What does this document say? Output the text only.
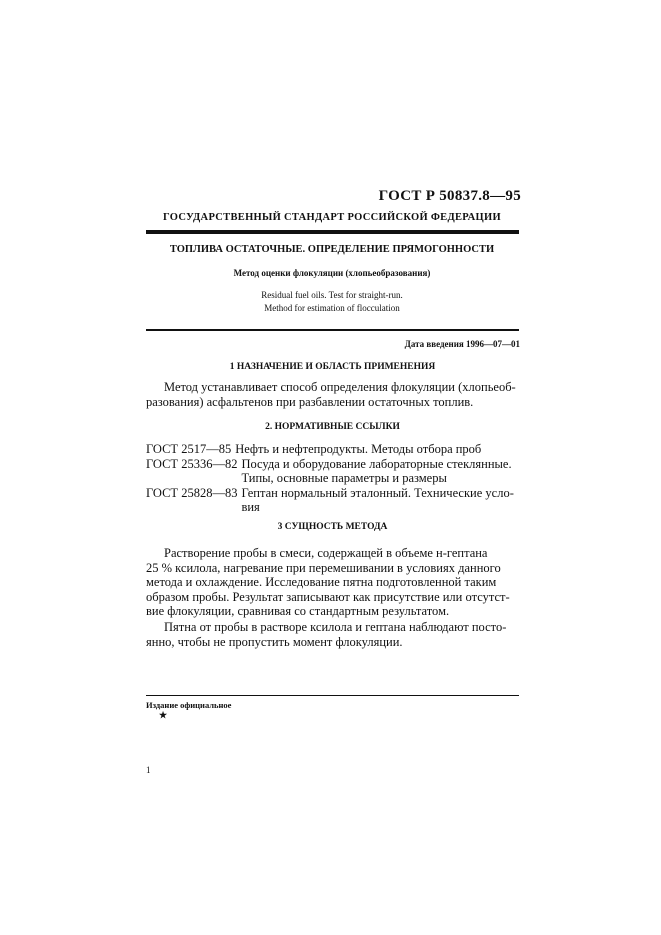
ГОСТ Р 50837.8—95
ГОСУДАРСТВЕННЫЙ СТАНДАРТ РОССИЙСКОЙ ФЕДЕРАЦИИ
ТОПЛИВА ОСТАТОЧНЫЕ. ОПРЕДЕЛЕНИЕ ПРЯМОГОННОСТИ
Метод оценки флокуляции (хлопьеобразования)
Residual fuel oils. Test for straight-run.
Method for estimation of flocculation
Дата введения 1996—07—01
1 НАЗНАЧЕНИЕ И ОБЛАСТЬ ПРИМЕНЕНИЯ
Метод устанавливает способ определения флокуляции (хлопьеоб-
разования) асфальтенов при разбавлении остаточных топлив.
2. НОРМАТИВНЫЕ ССЫЛКИ
ГОСТ 2517—85 Нефть и нефтепродукты. Методы отбора проб
ГОСТ 25336—82 Посуда и оборудование лабораторные стеклянные. Типы, основные параметры и размеры
ГОСТ 25828—83 Гептан нормальный эталонный. Технические усло-вия
3 СУЩНОСТЬ МЕТОДА
Растворение пробы в смеси, содержащей в объеме н-гептана
25 % ксилола, нагревание при перемешивании в условиях данного
метода и охлаждение. Исследование пятна подготовленной таким
образом пробы. Результат записывают как присутствие или отсутст-
вие флокуляции, сравнивая со стандартным результатом.
Пятна от пробы в растворе ксилола и гептана наблюдают посто-
янно, чтобы не пропустить момент флокуляции.
Издание официальное
★
1
